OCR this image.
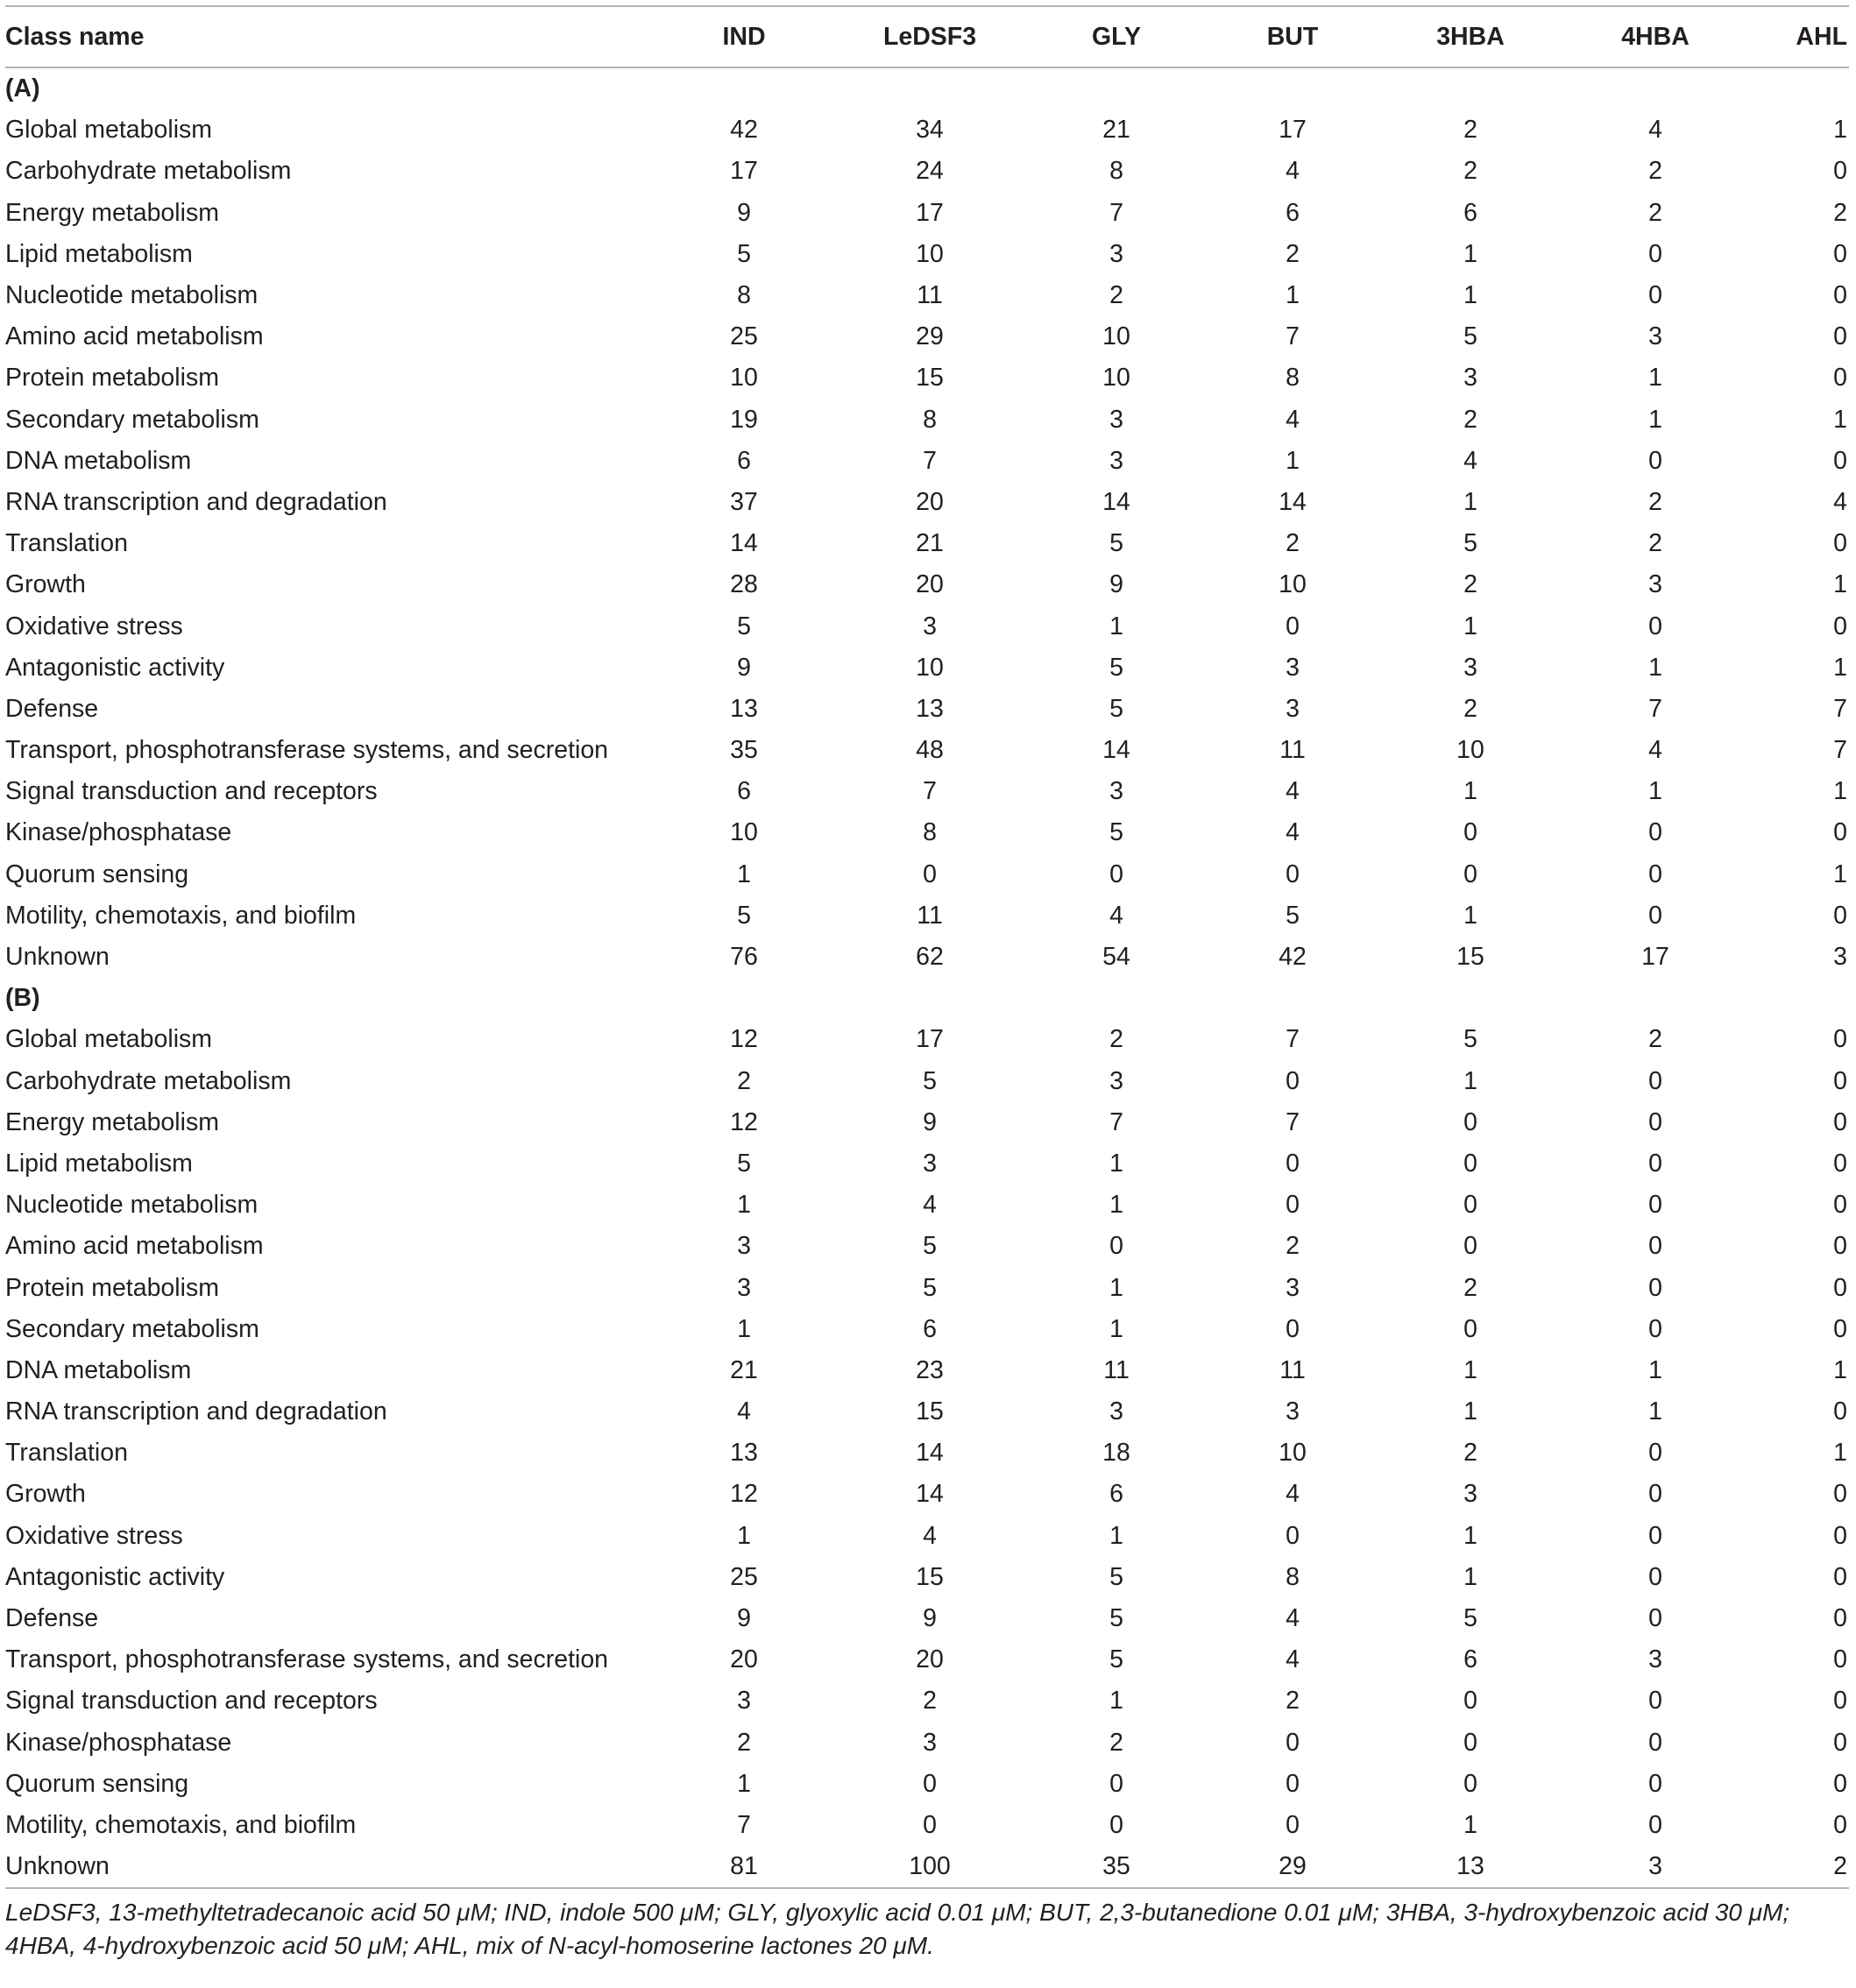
Class name	IND	LeDSF3	GLY	BUT	3HBA	4HBA	AHL
(A)							
Global metabolism	42	34	21	17	2	4	1
Carbohydrate metabolism	17	24	8	4	2	2	0
Energy metabolism	9	17	7	6	6	2	2
Lipid metabolism	5	10	3	2	1	0	0
Nucleotide metabolism	8	11	2	1	1	0	0
Amino acid metabolism	25	29	10	7	5	3	0
Protein metabolism	10	15	10	8	3	1	0
Secondary metabolism	19	8	3	4	2	1	1
DNA metabolism	6	7	3	1	4	0	0
RNA transcription and degradation	37	20	14	14	1	2	4
Translation	14	21	5	2	5	2	0
Growth	28	20	9	10	2	3	1
Oxidative stress	5	3	1	0	1	0	0
Antagonistic activity	9	10	5	3	3	1	1
Defense	13	13	5	3	2	7	7
Transport, phosphotransferase systems, and secretion	35	48	14	11	10	4	7
Signal transduction and receptors	6	7	3	4	1	1	1
Kinase/phosphatase	10	8	5	4	0	0	0
Quorum sensing	1	0	0	0	0	0	1
Motility, chemotaxis, and biofilm	5	11	4	5	1	0	0
Unknown	76	62	54	42	15	17	3
(B)							
Global metabolism	12	17	2	7	5	2	0
Carbohydrate metabolism	2	5	3	0	1	0	0
Energy metabolism	12	9	7	7	0	0	0
Lipid metabolism	5	3	1	0	0	0	0
Nucleotide metabolism	1	4	1	0	0	0	0
Amino acid metabolism	3	5	0	2	0	0	0
Protein metabolism	3	5	1	3	2	0	0
Secondary metabolism	1	6	1	0	0	0	0
DNA metabolism	21	23	11	11	1	1	1
RNA transcription and degradation	4	15	3	3	1	1	0
Translation	13	14	18	10	2	0	1
Growth	12	14	6	4	3	0	0
Oxidative stress	1	4	1	0	1	0	0
Antagonistic activity	25	15	5	8	1	0	0
Defense	9	9	5	4	5	0	0
Transport, phosphotransferase systems, and secretion	20	20	5	4	6	3	0
Signal transduction and receptors	3	2	1	2	0	0	0
Kinase/phosphatase	2	3	2	0	0	0	0
Quorum sensing	1	0	0	0	0	0	0
Motility, chemotaxis, and biofilm	7	0	0	0	1	0	0
Unknown	81	100	35	29	13	3	2
LeDSF3, 13-methyltetradecanoic acid 50 μM; IND, indole 500 μM; GLY, glyoxylic acid 0.01 μM; BUT, 2,3-butanedione 0.01 μM; 3HBA, 3-hydroxybenzoic acid 30 μM; 4HBA, 4-hydroxybenzoic acid 50 μM; AHL, mix of N-acyl-homoserine lactones 20 μM.
